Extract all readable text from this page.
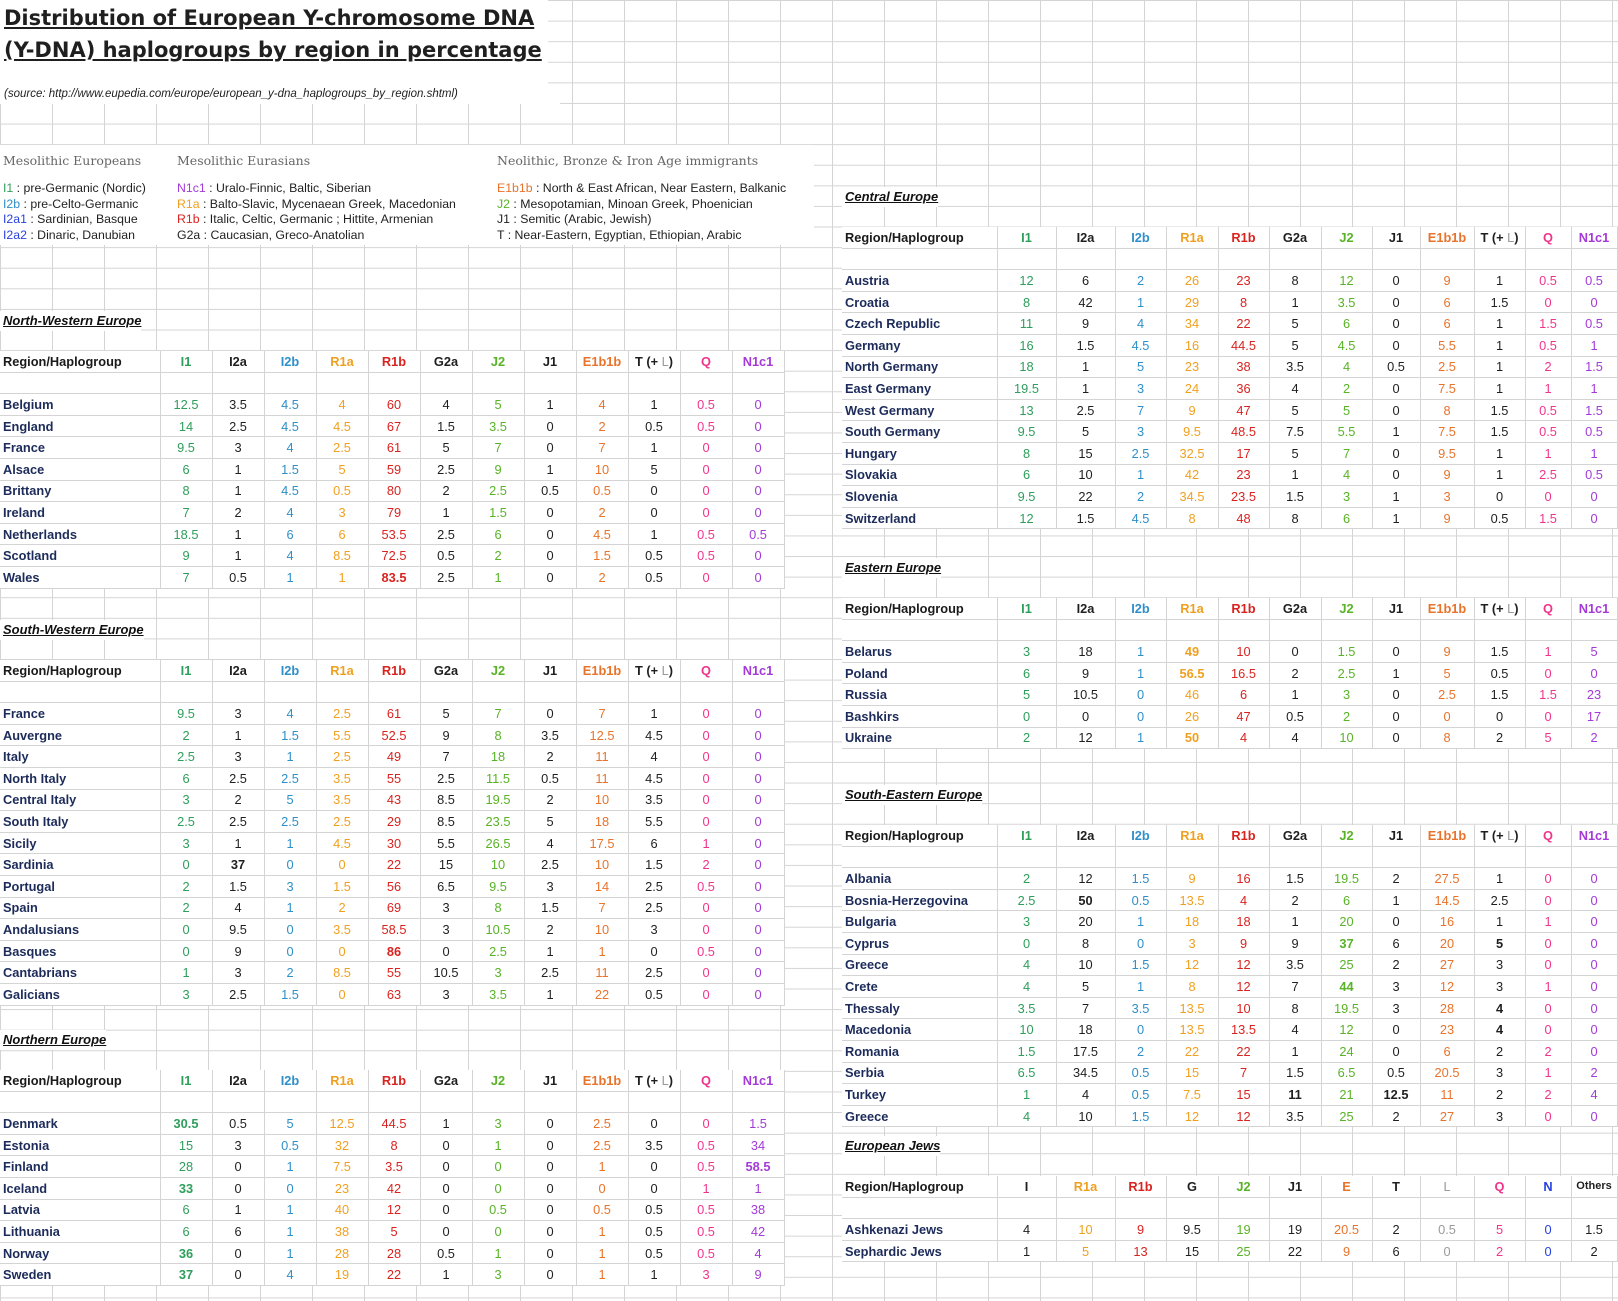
Distribution of European Y-chromosome DNA (Y-DNA) haplogroups by region in percentage
(source: http://www.eupedia.com/europe/european_y-dna_haplogroups_by_region.shtml)
Mesolithic Europeans	Mesolithic Eurasians	Neolithic, Bronze & Iron Age immigrants
I1 : pre-Germanic (Nordic)
I2b : pre-Celto-Germanic
I2a1 : Sardinian, Basque
I2a2 : Dinaric, Danubian
N1c1 : Uralo-Finnic, Baltic, Siberian
R1a : Balto-Slavic, Mycenaean Greek, Macedonian
R1b : Italic, Celtic, Germanic ; Hittite, Armenian
G2a : Caucasian, Greco-Anatolian
E1b1b : North & East African, Near Eastern, Balkanic
J2 : Mesopotamian, Minoan Greek, Phoenician
J1 : Semitic (Arabic, Jewish)
T : Near-Eastern, Egyptian, Ethiopian, Arabic
North-Western Europe
Region/Haplogroup	I1	I2a	I2b	R1a	R1b	G2a	J2	J1	E1b1b	T (+ L)	Q	N1c1

Belgium	12.5	3.5	4.5	4	60	4	5	1	4	1	0.5	0
England	14	2.5	4.5	4.5	67	1.5	3.5	0	2	0.5	0.5	0
France	9.5	3	4	2.5	61	5	7	0	7	1	0	0
Alsace	6	1	1.5	5	59	2.5	9	1	10	5	0	0
Brittany	8	1	4.5	0.5	80	2	2.5	0.5	0.5	0	0	0
Ireland	7	2	4	3	79	1	1.5	0	2	0	0	0
Netherlands	18.5	1	6	6	53.5	2.5	6	0	4.5	1	0.5	0.5
Scotland	9	1	4	8.5	72.5	0.5	2	0	1.5	0.5	0.5	0
Wales	7	0.5	1	1	83.5	2.5	1	0	2	0.5	0	0
South-Western Europe
Region/Haplogroup	I1	I2a	I2b	R1a	R1b	G2a	J2	J1	E1b1b	T (+ L)	Q	N1c1

France	9.5	3	4	2.5	61	5	7	0	7	1	0	0
Auvergne	2	1	1.5	5.5	52.5	9	8	3.5	12.5	4.5	0	0
Italy	2.5	3	1	2.5	49	7	18	2	11	4	0	0
North Italy	6	2.5	2.5	3.5	55	2.5	11.5	0.5	11	4.5	0	0
Central Italy	3	2	5	3.5	43	8.5	19.5	2	10	3.5	0	0
South Italy	2.5	2.5	2.5	2.5	29	8.5	23.5	5	18	5.5	0	0
Sicily	3	1	1	4.5	30	5.5	26.5	4	17.5	6	1	0
Sardinia	0	37	0	0	22	15	10	2.5	10	1.5	2	0
Portugal	2	1.5	3	1.5	56	6.5	9.5	3	14	2.5	0.5	0
Spain	2	4	1	2	69	3	8	1.5	7	2.5	0	0
Andalusians	0	9.5	0	3.5	58.5	3	10.5	2	10	3	0	0
Basques	0	9	0	0	86	0	2.5	1	1	0	0.5	0
Cantabrians	1	3	2	8.5	55	10.5	3	2.5	11	2.5	0	0
Galicians	3	2.5	1.5	0	63	3	3.5	1	22	0.5	0	0
Northern Europe
Region/Haplogroup	I1	I2a	I2b	R1a	R1b	G2a	J2	J1	E1b1b	T (+ L)	Q	N1c1

Denmark	30.5	0.5	5	12.5	44.5	1	3	0	2.5	0	0	1.5
Estonia	15	3	0.5	32	8	0	1	0	2.5	3.5	0.5	34
Finland	28	0	1	7.5	3.5	0	0	0	1	0	0.5	58.5
Iceland	33	0	0	23	42	0	0	0	0	0	1	1
Latvia	6	1	1	40	12	0	0.5	0	0.5	0.5	0.5	38
Lithuania	6	6	1	38	5	0	0	0	1	0.5	0.5	42
Norway	36	0	1	28	28	0.5	1	0	1	0.5	0.5	4
Sweden	37	0	4	19	22	1	3	0	1	1	3	9
Central Europe
Region/Haplogroup	I1	I2a	I2b	R1a	R1b	G2a	J2	J1	E1b1b	T (+ L)	Q	N1c1

Austria	12	6	2	26	23	8	12	0	9	1	0.5	0.5
Croatia	8	42	1	29	8	1	3.5	0	6	1.5	0	0
Czech Republic	11	9	4	34	22	5	6	0	6	1	1.5	0.5
Germany	16	1.5	4.5	16	44.5	5	4.5	0	5.5	1	0.5	1
North Germany	18	1	5	23	38	3.5	4	0.5	2.5	1	2	1.5
East Germany	19.5	1	3	24	36	4	2	0	7.5	1	1	1
West Germany	13	2.5	7	9	47	5	5	0	8	1.5	0.5	1.5
South Germany	9.5	5	3	9.5	48.5	7.5	5.5	1	7.5	1.5	0.5	0.5
Hungary	8	15	2.5	32.5	17	5	7	0	9.5	1	1	1
Slovakia	6	10	1	42	23	1	4	0	9	1	2.5	0.5
Slovenia	9.5	22	2	34.5	23.5	1.5	3	1	3	0	0	0
Switzerland	12	1.5	4.5	8	48	8	6	1	9	0.5	1.5	0
Eastern Europe
Region/Haplogroup	I1	I2a	I2b	R1a	R1b	G2a	J2	J1	E1b1b	T (+ L)	Q	N1c1

Belarus	3	18	1	49	10	0	1.5	0	9	1.5	1	5
Poland	6	9	1	56.5	16.5	2	2.5	1	5	0.5	0	0
Russia	5	10.5	0	46	6	1	3	0	2.5	1.5	1.5	23
Bashkirs	0	0	0	26	47	0.5	2	0	0	0	0	17
Ukraine	2	12	1	50	4	4	10	0	8	2	5	2
South-Eastern Europe
Region/Haplogroup	I1	I2a	I2b	R1a	R1b	G2a	J2	J1	E1b1b	T (+ L)	Q	N1c1

Albania	2	12	1.5	9	16	1.5	19.5	2	27.5	1	0	0
Bosnia-Herzegovina	2.5	50	0.5	13.5	4	2	6	1	14.5	2.5	0	0
Bulgaria	3	20	1	18	18	1	20	0	16	1	1	0
Cyprus	0	8	0	3	9	9	37	6	20	5	0	0
Greece	4	10	1.5	12	12	3.5	25	2	27	3	0	0
Crete	4	5	1	8	12	7	44	3	12	3	1	0
Thessaly	3.5	7	3.5	13.5	10	8	19.5	3	28	4	0	0
Macedonia	10	18	0	13.5	13.5	4	12	0	23	4	0	0
Romania	1.5	17.5	2	22	22	1	24	0	6	2	2	0
Serbia	6.5	34.5	0.5	15	7	1.5	6.5	0.5	20.5	3	1	2
Turkey	1	4	0.5	7.5	15	11	21	12.5	11	2	2	4
Greece	4	10	1.5	12	12	3.5	25	2	27	3	0	0
European Jews
Region/Haplogroup	I	R1a	R1b	G	J2	J1	E	T	L	Q	N	Others

Ashkenazi Jews	4	10	9	9.5	19	19	20.5	2	0.5	5	0	1.5
Sephardic Jews	1	5	13	15	25	22	9	6	0	2	0	2
